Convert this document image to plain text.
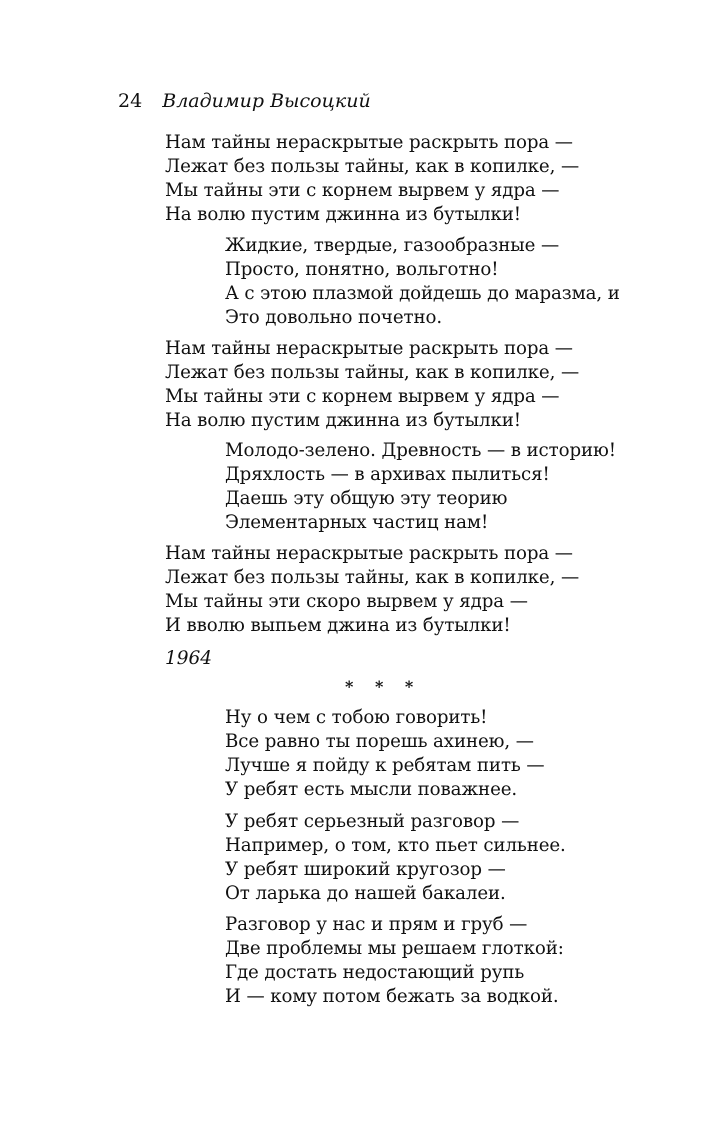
24 Владимир Высоцкий
Нам тайны нераскрытые раскрыть пора —
Лежат без пользы тайны, как в копилке, —
Мы тайны эти с корнем вырвем у ядра —
На волю пустим джинна из бутылки!
Жидкие, твердые, газообразные —
Просто, понятно, вольготно!
А с этою плазмой дойдешь до маразма, и
Это довольно почетно.
Нам тайны нераскрытые раскрыть пора —
Лежат без пользы тайны, как в копилке, —
Мы тайны эти с корнем вырвем у ядра —
На волю пустим джинна из бутылки!
Молодо-зелено. Древность — в историю!
Дряхлость — в архивах пылиться!
Даешь эту общую эту теорию
Элементарных частиц нам!
Нам тайны нераскрытые раскрыть пора —
Лежат без пользы тайны, как в копилке, —
Мы тайны эти скоро вырвем у ядра —
И вволю выпьем джина из бутылки!
1964
* * *
Ну о чем с тобою говорить!
Все равно ты порешь ахинею, —
Лучше я пойду к ребятам пить —
У ребят есть мысли поважнее.
У ребят серьезный разговор —
Например, о том, кто пьет сильнее.
У ребят широкий кругозор —
От ларька до нашей бакалеи.
Разговор у нас и прям и груб —
Две проблемы мы решаем глоткой:
Где достать недостающий рупь
И — кому потом бежать за водкой.
